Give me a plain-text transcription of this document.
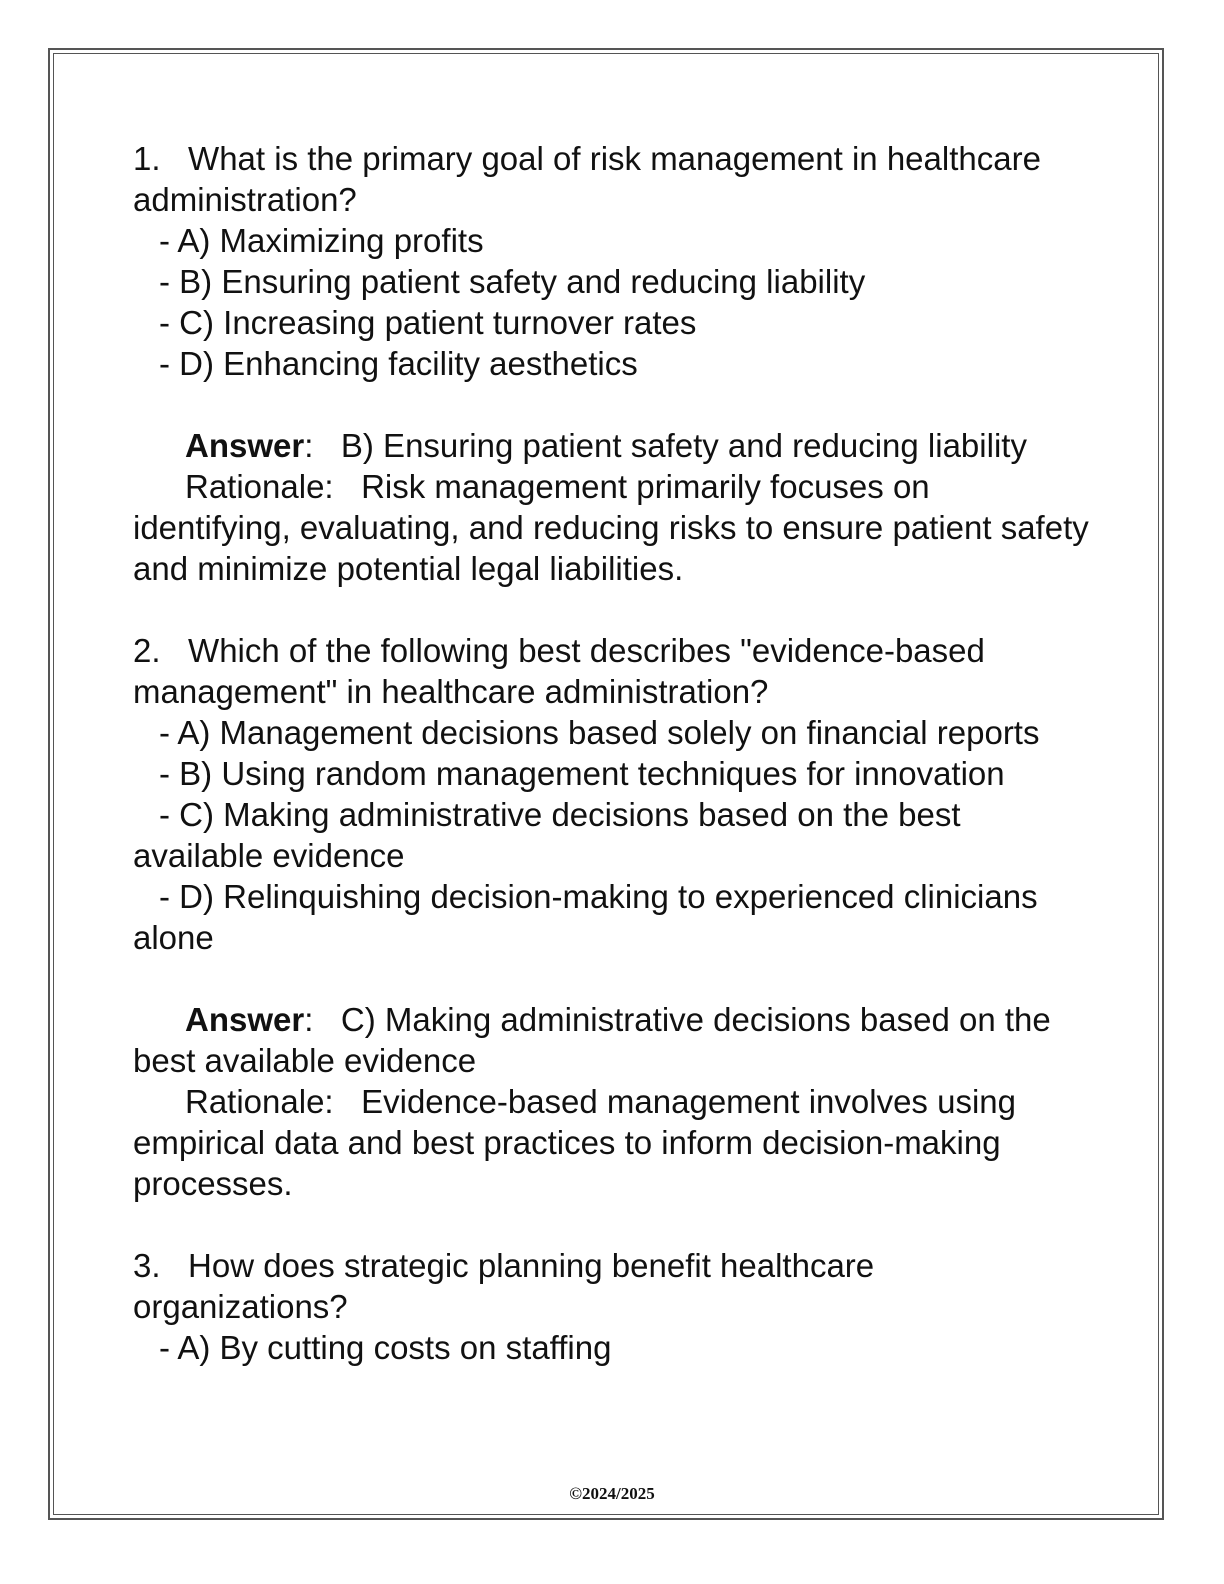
1. What is the primary goal of risk management in healthcare administration?

- A) Maximizing profits

- B) Ensuring patient safety and reducing liability

- C) Increasing patient turnover rates

- D) Enhancing facility aesthetics

Answer:   B) Ensuring patient safety and reducing liability

Rationale:   Risk management primarily focuses on identifying, evaluating, and reducing risks to ensure patient safety and minimize potential legal liabilities.

2. Which of the following best describes "evidence-based management" in healthcare administration?

- A) Management decisions based solely on financial reports

- B) Using random management techniques for innovation

- C) Making administrative decisions based on the best available evidence

- D) Relinquishing decision-making to experienced clinicians alone

Answer:   C) Making administrative decisions based on the best available evidence

Rationale:   Evidence-based management involves using empirical data and best practices to inform decision-making processes.

3. How does strategic planning benefit healthcare organizations?

- A) By cutting costs on staffing

©2024/2025
